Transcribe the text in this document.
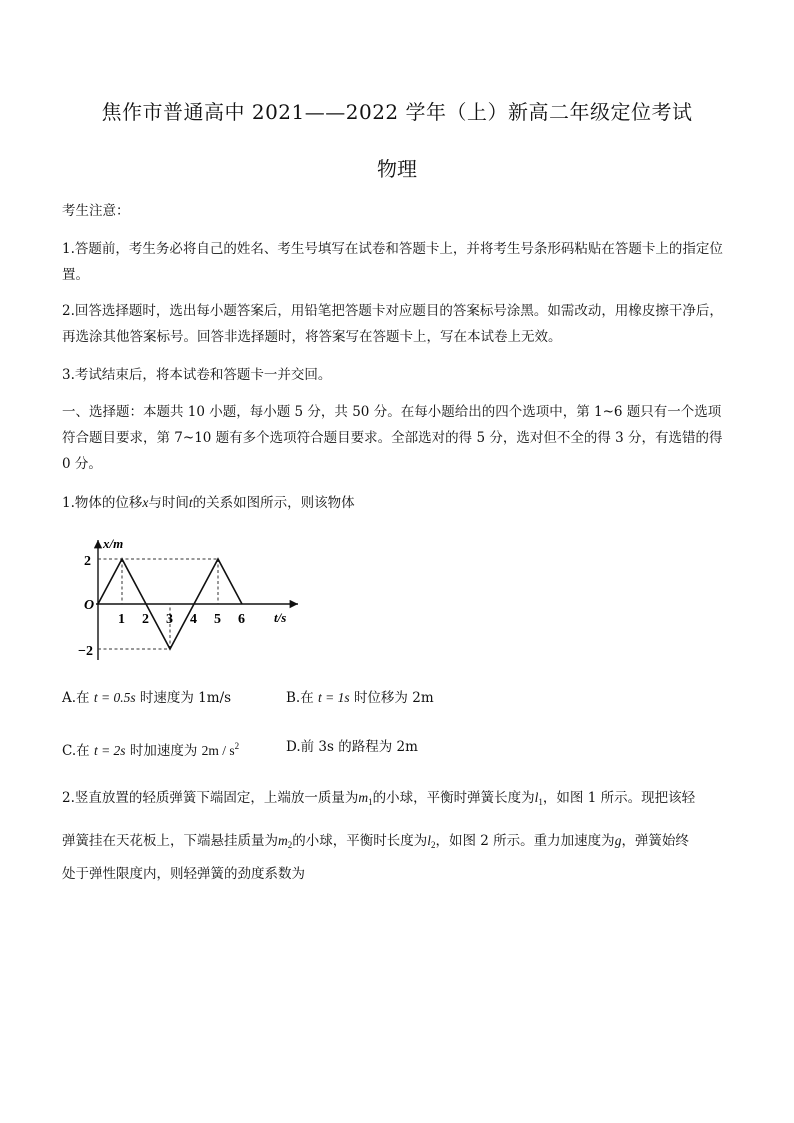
焦作市普通高中 2021——2022 学年（上）新高二年级定位考试
物理
考生注意：
1.答题前，考生务必将自己的姓名、考生号填写在试卷和答题卡上，并将考生号条形码粘贴在答题卡上的指定位置。
2.回答选择题时，选出每小题答案后，用铅笔把答题卡对应题目的答案标号涂黑。如需改动，用橡皮擦干净后，再选涂其他答案标号。回答非选择题时，将答案写在答题卡上，写在本试卷上无效。
3.考试结束后，将本试卷和答题卡一并交回。
一、选择题：本题共 10 小题，每小题 5 分，共 50 分。在每小题给出的四个选项中，第 1~6 题只有一个选项符合题目要求，第 7~10 题有多个选项符合题目要求。全部选对的得 5 分，选对但不全的得 3 分，有选错的得 0 分。
1.物体的位移x与时间t的关系如图所示，则该物体
x/m
t/s
O
2
−2
1 2 3 4 5 6
A.在 t = 0.5s 时速度为 1m/s	B.在 t = 1s 时位移为 2m
C.在 t = 2s 时加速度为 $2m / s^2$	D.前 3s 的路程为 2m
2.竖直放置的轻质弹簧下端固定，上端放一质量为$m_1$的小球，平衡时弹簧长度为$l_1$，如图 1 所示。现把该轻
弹簧挂在天花板上，下端悬挂质量为$m_2$的小球，平衡时长度为$l_2$，如图 2 所示。重力加速度为g，弹簧始终
处于弹性限度内，则轻弹簧的劲度系数为
